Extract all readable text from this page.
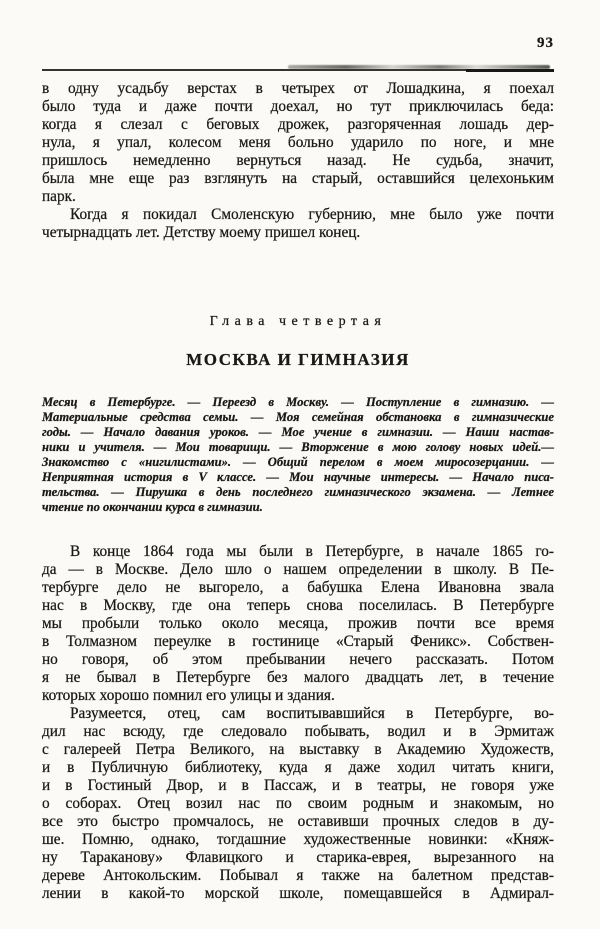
93
в одну усадьбу верстах в четырех от Лошадкина, я поехал
было туда и даже почти доехал, но тут приключилась беда:
когда я слезал с беговых дрожек, разгоряченная лошадь дер-
нула, я упал, колесом меня больно ударило по ноге, и мне
пришлось немедленно вернуться назад. Не судьба, значит,
была мне еще раз взглянуть на старый, оставшийся целехоньким
парк.
Когда я покидал Смоленскую губернию, мне было уже почти
четырнадцать лет. Детству моему пришел конец.
Глава четвертая
МОСКВА И ГИМНАЗИЯ
Месяц в Петербурге. — Переезд в Москву. — Поступление в гимназию. —
Материальные средства семьи. — Моя семейная обстановка в гимназические
годы. — Начало давания уроков. — Мое учение в гимназии. — Наши настав-
ники и учителя. — Мои товарищи. — Вторжение в мою голову новых идей.—
Знакомство с «нигилистами». — Общий перелом в моем миросозерцании. —
Неприятная история в V классе. — Мои научные интересы. — Начало писа-
тельства. — Пирушка в день последнего гимназического экзамена. — Летнее
чтение по окончании курса в гимназии.
В конце 1864 года мы были в Петербурге, в начале 1865 го-
да — в Москве. Дело шло о нашем определении в школу. В Пе-
тербурге дело не выгорело, а бабушка Елена Ивановна звала
нас в Москву, где она теперь снова поселилась. В Петербурге
мы пробыли только около месяца, прожив почти все время
в Толмазном переулке в гостинице «Старый Феникс». Собствен-
но говоря, об этом пребывании нечего рассказать. Потом
я не бывал в Петербурге без малого двадцать лет, в течение
которых хорошо помнил его улицы и здания.
Разумеется, отец, сам воспитывавшийся в Петербурге, во-
дил нас всюду, где следовало побывать, водил и в Эрмитаж
с галереей Петра Великого, на выставку в Академию Художеств,
и в Публичную библиотеку, куда я даже ходил читать книги,
и в Гостиный Двор, и в Пассаж, и в театры, не говоря уже
о соборах. Отец возил нас по своим родным и знакомым, но
все это быстро промчалось, не оставивши прочных следов в ду-
ше. Помню, однако, тогдашние художественные новинки: «Княж-
ну Тараканову» Флавицкого и старика-еврея, вырезанного на
дереве Антокольским. Побывал я также на балетном представ-
лении в какой-то морской школе, помещавшейся в Адмирал-
